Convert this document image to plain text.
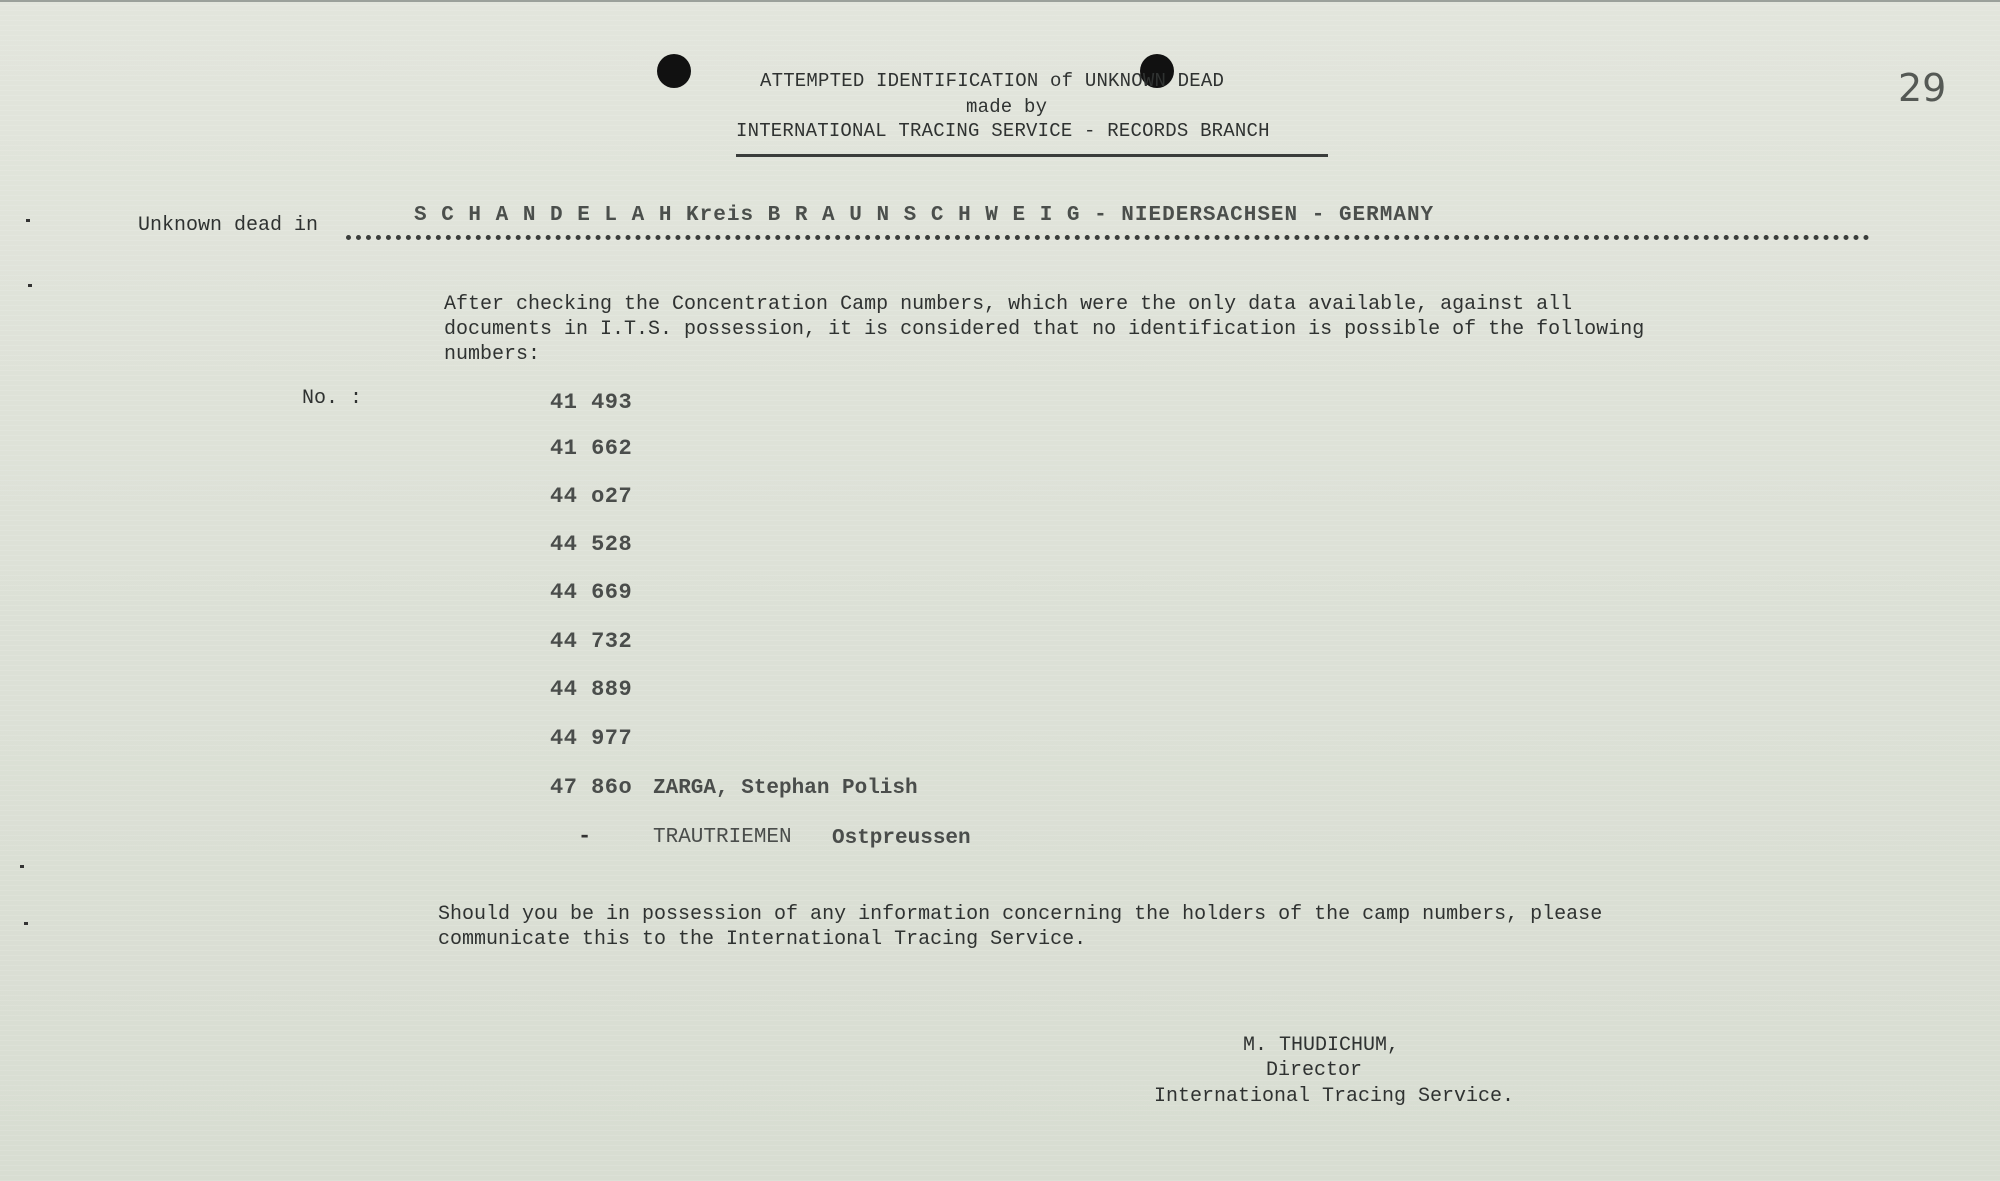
ATTEMPTED IDENTIFICATION of UNKNOWN DEAD
made by
INTERNATIONAL TRACING SERVICE - RECORDS BRANCH
29
Unknown dead in	S C H A N D E L A H Kreis B R A U N S C H W E I G - NIEDERSACHSEN - GERMANY
After checking the Concentration Camp numbers, which were the only data available, against all documents in I.T.S. possession, it is considered that no identification is possible of the following numbers:
No. :	41 493
41 662
44 o27
44 528
44 669
44 732
44 889
44 977
47 86o ZARGA, Stephan Polish
-	TRAUTRIEMEN Ostpreussen
Should you be in possession of any information concerning the holders of the camp numbers, please communicate this to the International Tracing Service.
M. THUDICHUM,
Director
International Tracing Service.
